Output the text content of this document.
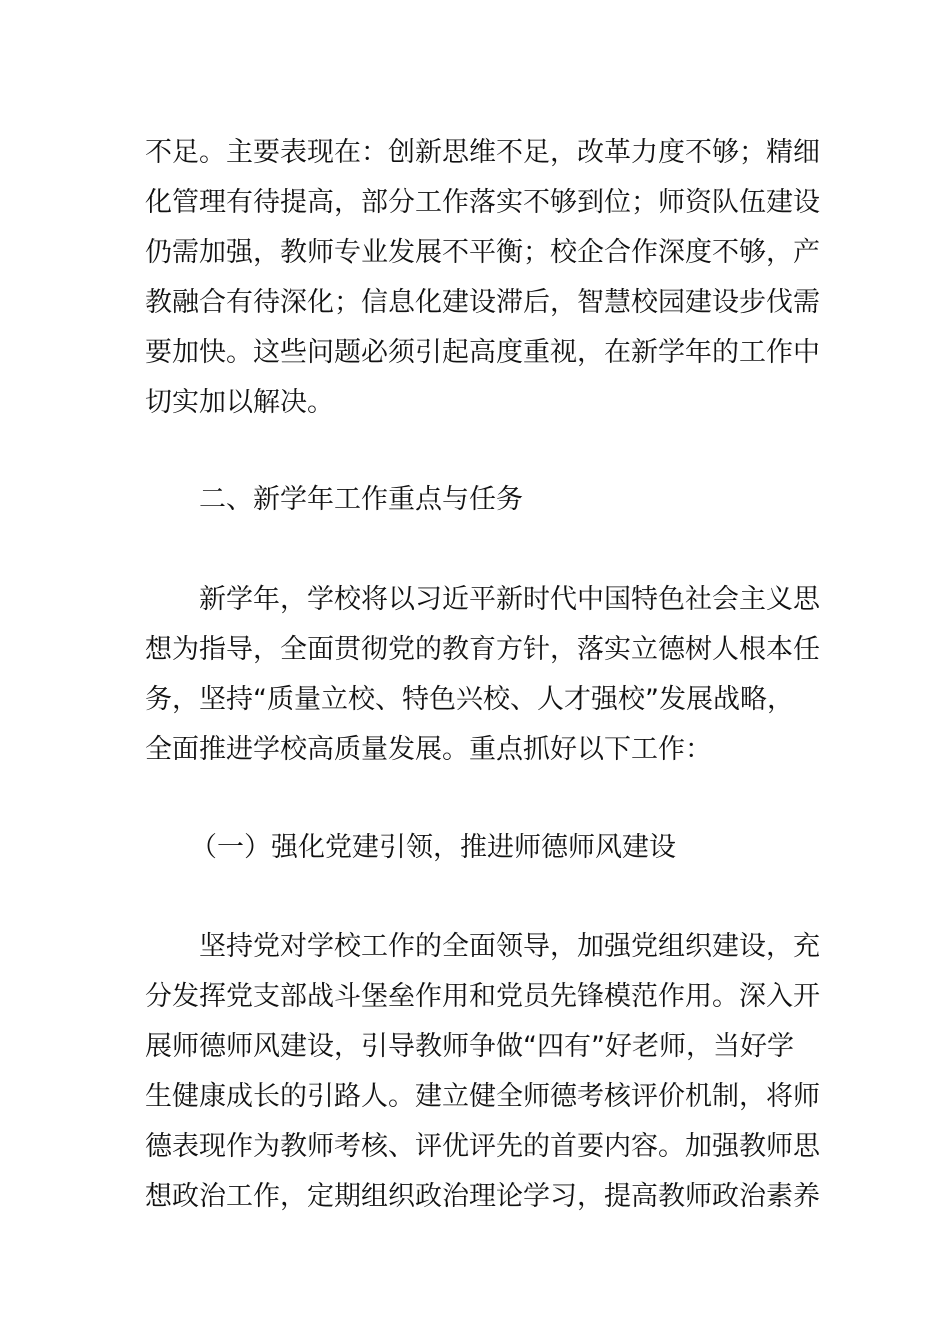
不足。主要表现在：创新思维不足，改革力度不够；精细
化管理有待提高，部分工作落实不够到位；师资队伍建设
仍需加强，教师专业发展不平衡；校企合作深度不够，产
教融合有待深化；信息化建设滞后，智慧校园建设步伐需
要加快。这些问题必须引起高度重视，在新学年的工作中
切实加以解决。
二、新学年工作重点与任务
新学年，学校将以习近平新时代中国特色社会主义思
想为指导，全面贯彻党的教育方针，落实立德树人根本任
务，坚持“质量立校、特色兴校、人才强校”发展战略，
全面推进学校高质量发展。重点抓好以下工作：
（一）强化党建引领，推进师德师风建设
坚持党对学校工作的全面领导，加强党组织建设，充
分发挥党支部战斗堡垒作用和党员先锋模范作用。深入开
展师德师风建设，引导教师争做“四有”好老师，当好学
生健康成长的引路人。建立健全师德考核评价机制，将师
德表现作为教师考核、评优评先的首要内容。加强教师思
想政治工作，定期组织政治理论学习，提高教师政治素养
